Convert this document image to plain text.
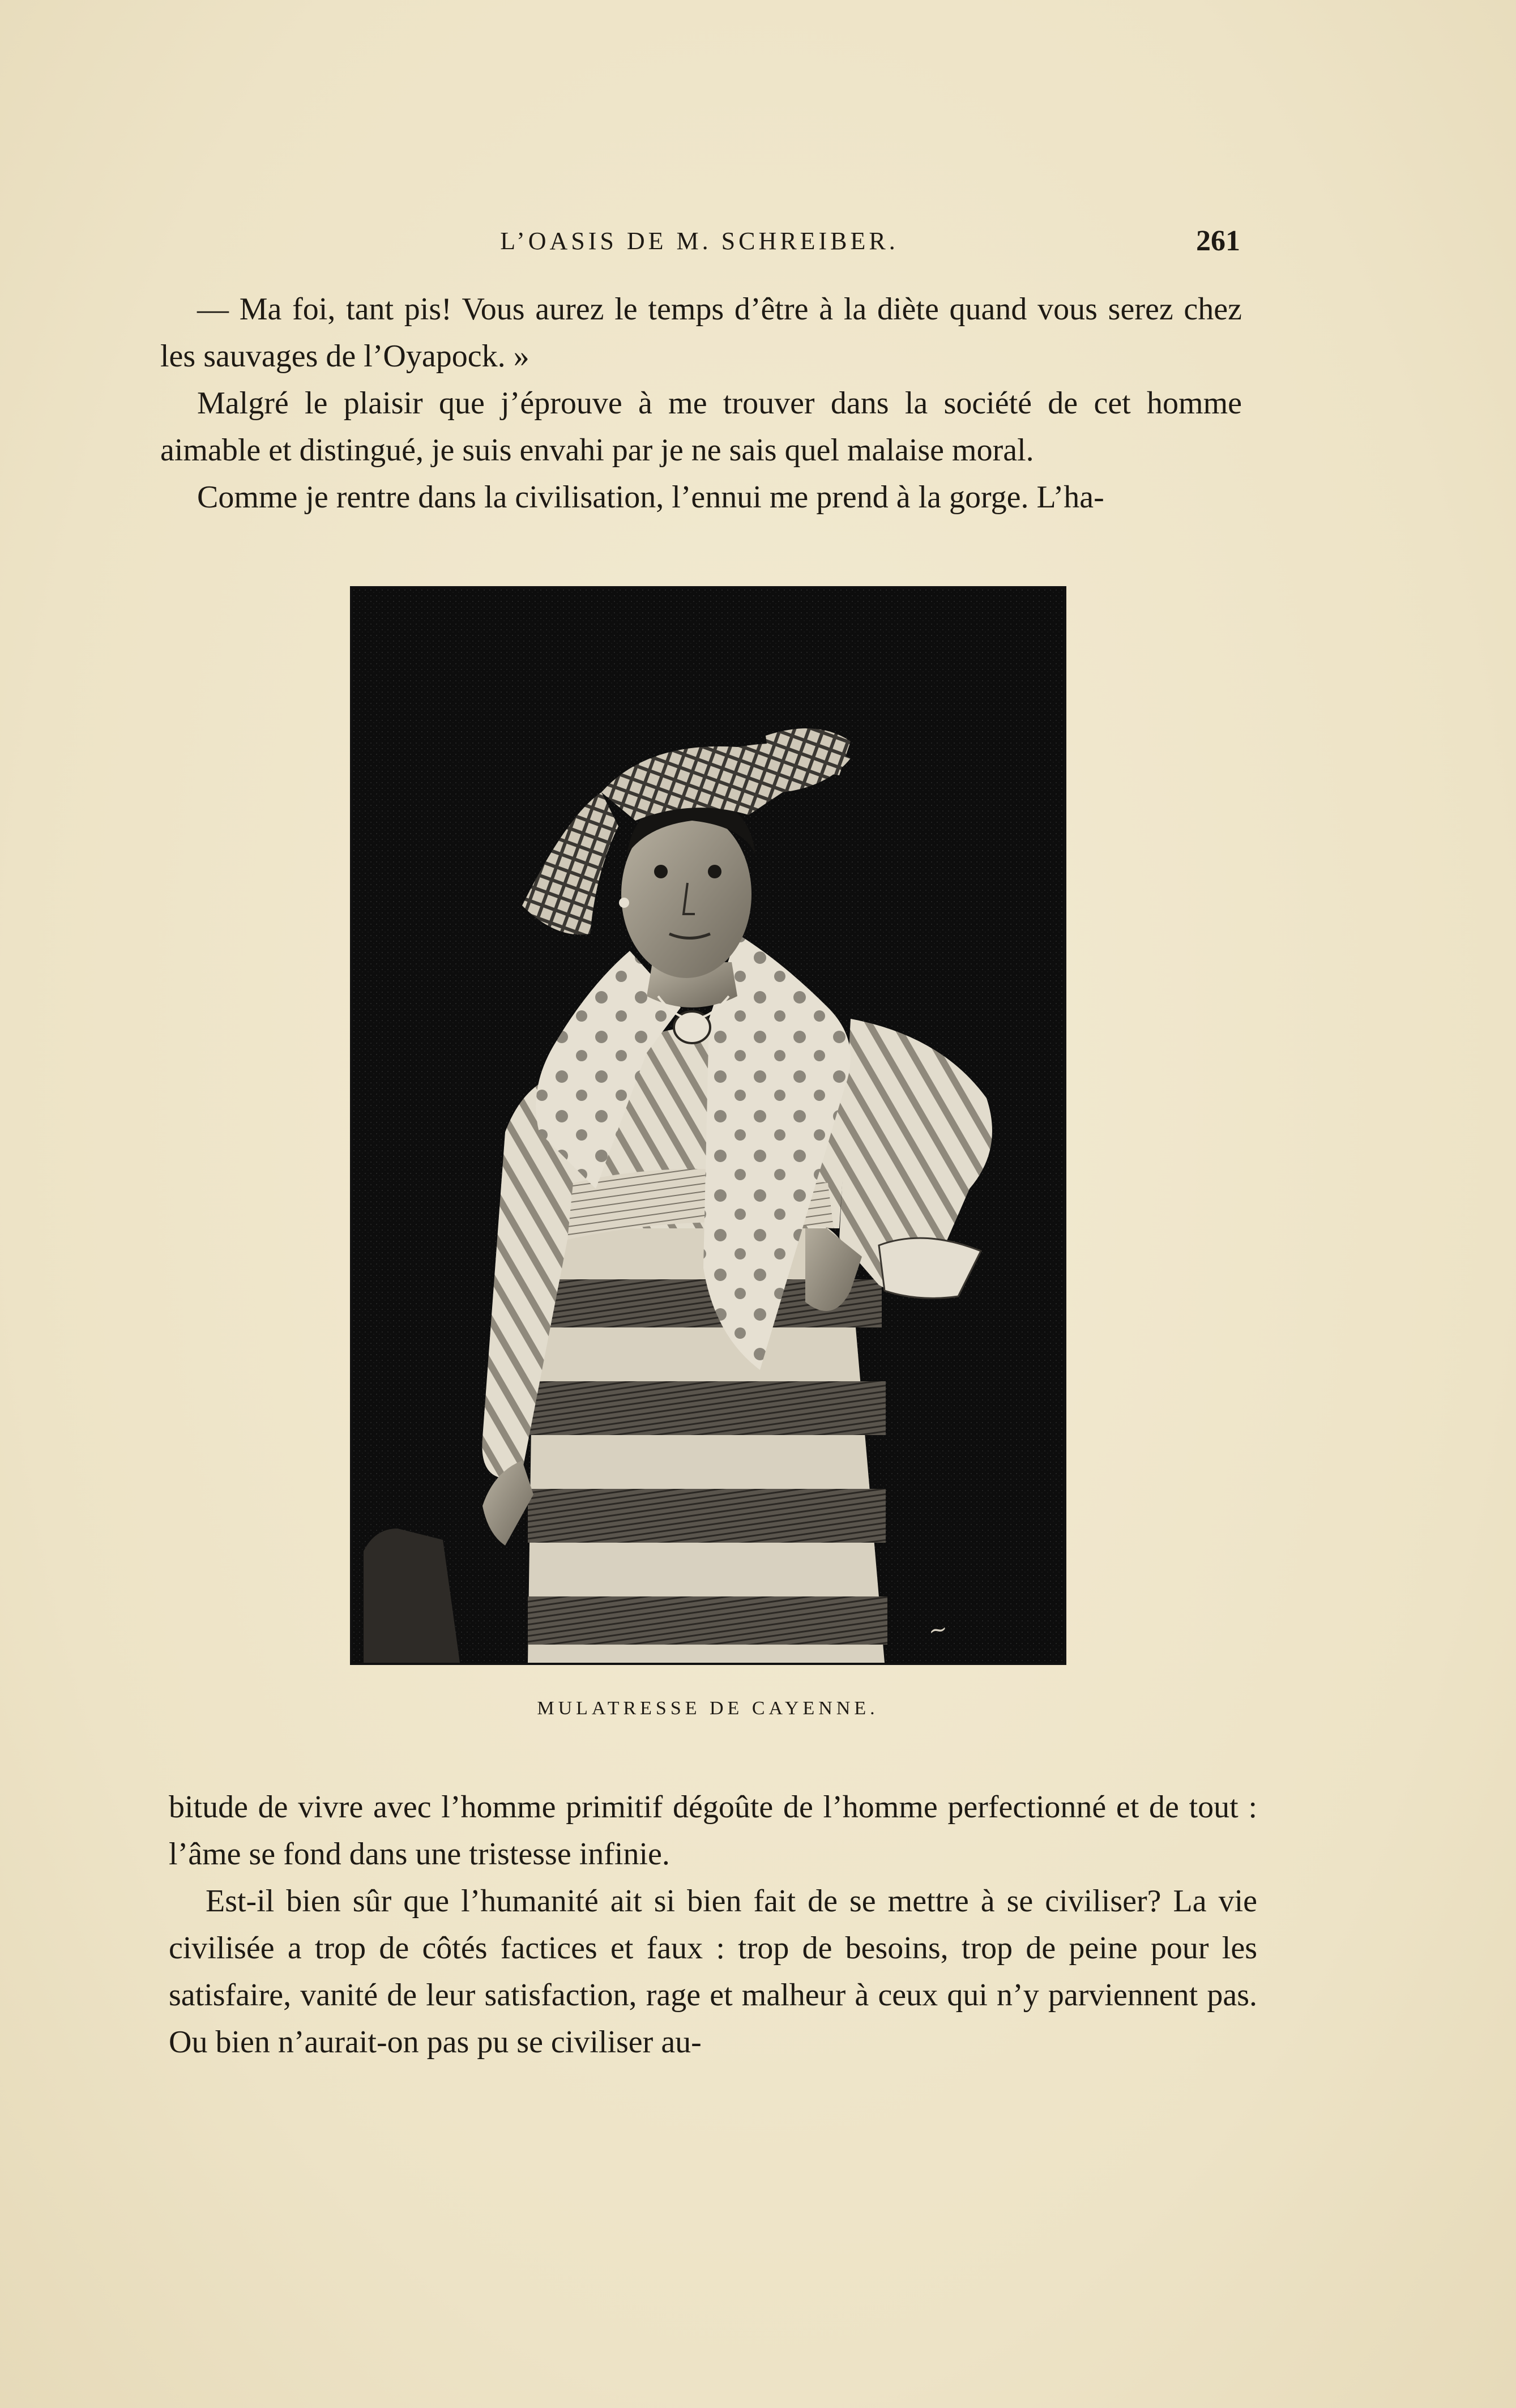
L’OASIS DE M. SCHREIBER.	261

— Ma foi, tant pis! Vous aurez le temps d’être à la diète quand vous serez chez les sauvages de l’Oyapock. »

Malgré le plaisir que j’éprouve à me trouver dans la société de cet homme aimable et distingué, je suis envahi par je ne sais quel malaise moral.

Comme je rentre dans la civilisation, l’ennui me prend à la gorge. L’ha-

~
MULATRESSE DE CAYENNE.

bitude de vivre avec l’homme primitif dégoûte de l’homme perfectionné et de tout : l’âme se fond dans une tristesse infinie.

Est-il bien sûr que l’humanité ait si bien fait de se mettre à se civiliser? La vie civilisée a trop de côtés factices et faux : trop de besoins, trop de peine pour les satisfaire, vanité de leur satisfaction, rage et malheur à ceux qui n’y parviennent pas. Ou bien n’aurait-on pas pu se civiliser au-
